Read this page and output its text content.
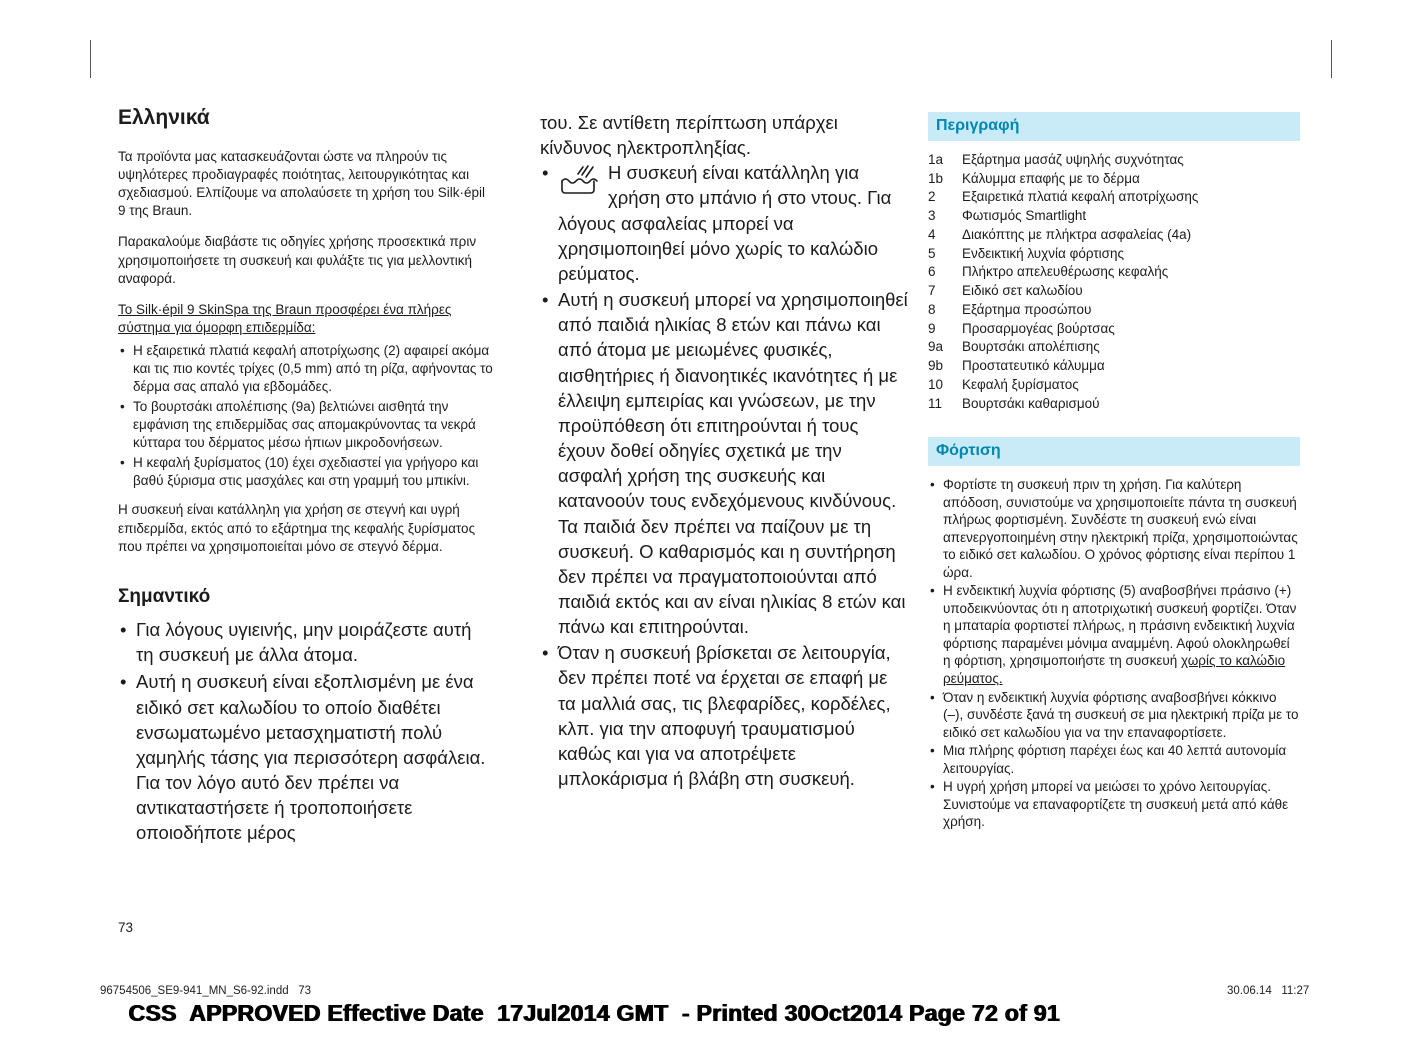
Ελληνικά
Τα προϊόντα μας κατασκευάζονται ώστε να πληρούν τις υψηλότερες προδιαγραφές ποιότητας, λειτουργικότητας και σχεδιασμού. Ελπίζουμε να απολαύσετε τη χρήση του Silk·épil 9 της Braun.
Παρακαλούμε διαβάστε τις οδηγίες χρήσης προσεκτικά πριν χρησιμοποιήσετε τη συσκευή και φυλάξτε τις για μελλοντική αναφορά.
Το Silk·épil 9 SkinSpa της Braun προσφέρει ένα πλήρες σύστημα για όμορφη επιδερμίδα:
• Η εξαιρετικά πλατιά κεφαλή αποτρίχωσης (2) αφαιρεί ακόμα και τις πιο κοντές τρίχες (0,5 mm) από τη ρίζα, αφήνοντας το δέρμα σας απαλό για εβδομάδες.
• Το βουρτσάκι απολέπισης (9a) βελτιώνει αισθητά την εμφάνιση της επιδερμίδας σας απομακρύνοντας τα νεκρά κύτταρα του δέρματος μέσω ήπιων μικροδονήσεων.
• Η κεφαλή ξυρίσματος (10) έχει σχεδιαστεί για γρήγορο και βαθύ ξύρισμα στις μασχάλες και στη γραμμή του μπικίνι.
Η συσκευή είναι κατάλληλη για χρήση σε στεγνή και υγρή επιδερμίδα, εκτός από το εξάρτημα της κεφαλής ξυρίσματος που πρέπει να χρησιμοποιείται μόνο σε στεγνό δέρμα.
Σημαντικό
• Για λόγους υγιεινής, μην μοιράζεστε αυτή τη συσκευή με άλλα άτομα.
• Αυτή η συσκευή είναι εξοπλισμένη με ένα ειδικό σετ καλωδίου το οποίο διαθέτει ενσωματωμένο μετασχηματιστή πολύ χαμηλής τάσης για περισσότερη ασφάλεια. Για τον λόγο αυτό δεν πρέπει να αντικαταστήσετε ή τροποποιήσετε οποιοδήποτε μέρος
του. Σε αντίθετη περίπτωση υπάρχει κίνδυνος ηλεκτροπληξίας.
• Η συσκευή είναι κατάλληλη για χρήση στο μπάνιο ή στο ντους. Για λόγους ασφαλείας μπορεί να χρησιμοποιηθεί μόνο χωρίς το καλώδιο ρεύματος.
• Αυτή η συσκευή μπορεί να χρησιμοποιηθεί από παιδιά ηλικίας 8 ετών και πάνω και από άτομα με μειωμένες φυσικές, αισθητήριες ή διανοητικές ικανότητες ή με έλλειψη εμπειρίας και γνώσεων, με την προϋπόθεση ότι επιτηρούνται ή τους έχουν δοθεί οδηγίες σχετικά με την ασφαλή χρήση της συσκευής και κατανοούν τους ενδεχόμενους κινδύνους. Τα παιδιά δεν πρέπει να παίζουν με τη συσκευή. Ο καθαρισμός και η συντήρηση δεν πρέπει να πραγματοποιούνται από παιδιά εκτός και αν είναι ηλικίας 8 ετών και πάνω και επιτηρούνται.
• Όταν η συσκευή βρίσκεται σε λειτουργία, δεν πρέπει ποτέ να έρχεται σε επαφή με τα μαλλιά σας, τις βλεφαρίδες, κορδέλες, κλπ. για την αποφυγή τραυματισμού καθώς και για να αποτρέψετε μπλοκάρισμα ή βλάβη στη συσκευή.
Περιγραφή
1a	Εξάρτημα μασάζ υψηλής συχνότητας
1b	Κάλυμμα επαφής με το δέρμα
2	Εξαιρετικά πλατιά κεφαλή αποτρίχωσης
3	Φωτισμός Smartlight
4	Διακόπτης με πλήκτρα ασφαλείας (4a)
5	Ενδεικτική λυχνία φόρτισης
6	Πλήκτρο απελευθέρωσης κεφαλής
7	Ειδικό σετ καλωδίου
8	Εξάρτημα προσώπου
9	Προσαρμογέας βούρτσας
9a	Βουρτσάκι απολέπισης
9b	Προστατευτικό κάλυμμα
10	Κεφαλή ξυρίσματος
11	Βουρτσάκι καθαρισμού
Φόρτιση
• Φορτίστε τη συσκευή πριν τη χρήση. Για καλύτερη απόδοση, συνιστούμε να χρησιμοποιείτε πάντα τη συσκευή πλήρως φορτισμένη. Συνδέστε τη συσκευή ενώ είναι απενεργοποιημένη στην ηλεκτρική πρίζα, χρησιμοποιώντας το ειδικό σετ καλωδίου. Ο χρόνος φόρτισης είναι περίπου 1 ώρα.
• Η ενδεικτική λυχνία φόρτισης (5) αναβοσβήνει πράσινο (+) υποδεικνύοντας ότι η αποτριχωτική συσκευή φορτίζει. Όταν η μπαταρία φορτιστεί πλήρως, η πράσινη ενδεικτική λυχνία φόρτισης παραμένει μόνιμα αναμμένη. Αφού ολοκληρωθεί η φόρτιση, χρησιμοποιήστε τη συσκευή χωρίς το καλώδιο ρεύματος.
• Όταν η ενδεικτική λυχνία φόρτισης αναβοσβήνει κόκκινο (–), συνδέστε ξανά τη συσκευή σε μια ηλεκτρική πρίζα με το ειδικό σετ καλωδίου για να την επαναφορτίσετε.
• Μια πλήρης φόρτιση παρέχει έως και 40 λεπτά αυτονομία λειτουργίας.
• Η υγρή χρήση μπορεί να μειώσει το χρόνο λειτουργίας. Συνιστούμε να επαναφορτίζετε τη συσκευή μετά από κάθε χρήση.
73
96754506_SE9-941_MN_S6-92.indd   73	30.06.14   11:27
CSS  APPROVED Effective Date  17Jul2014 GMT  - Printed 30Oct2014 Page 72 of 91
